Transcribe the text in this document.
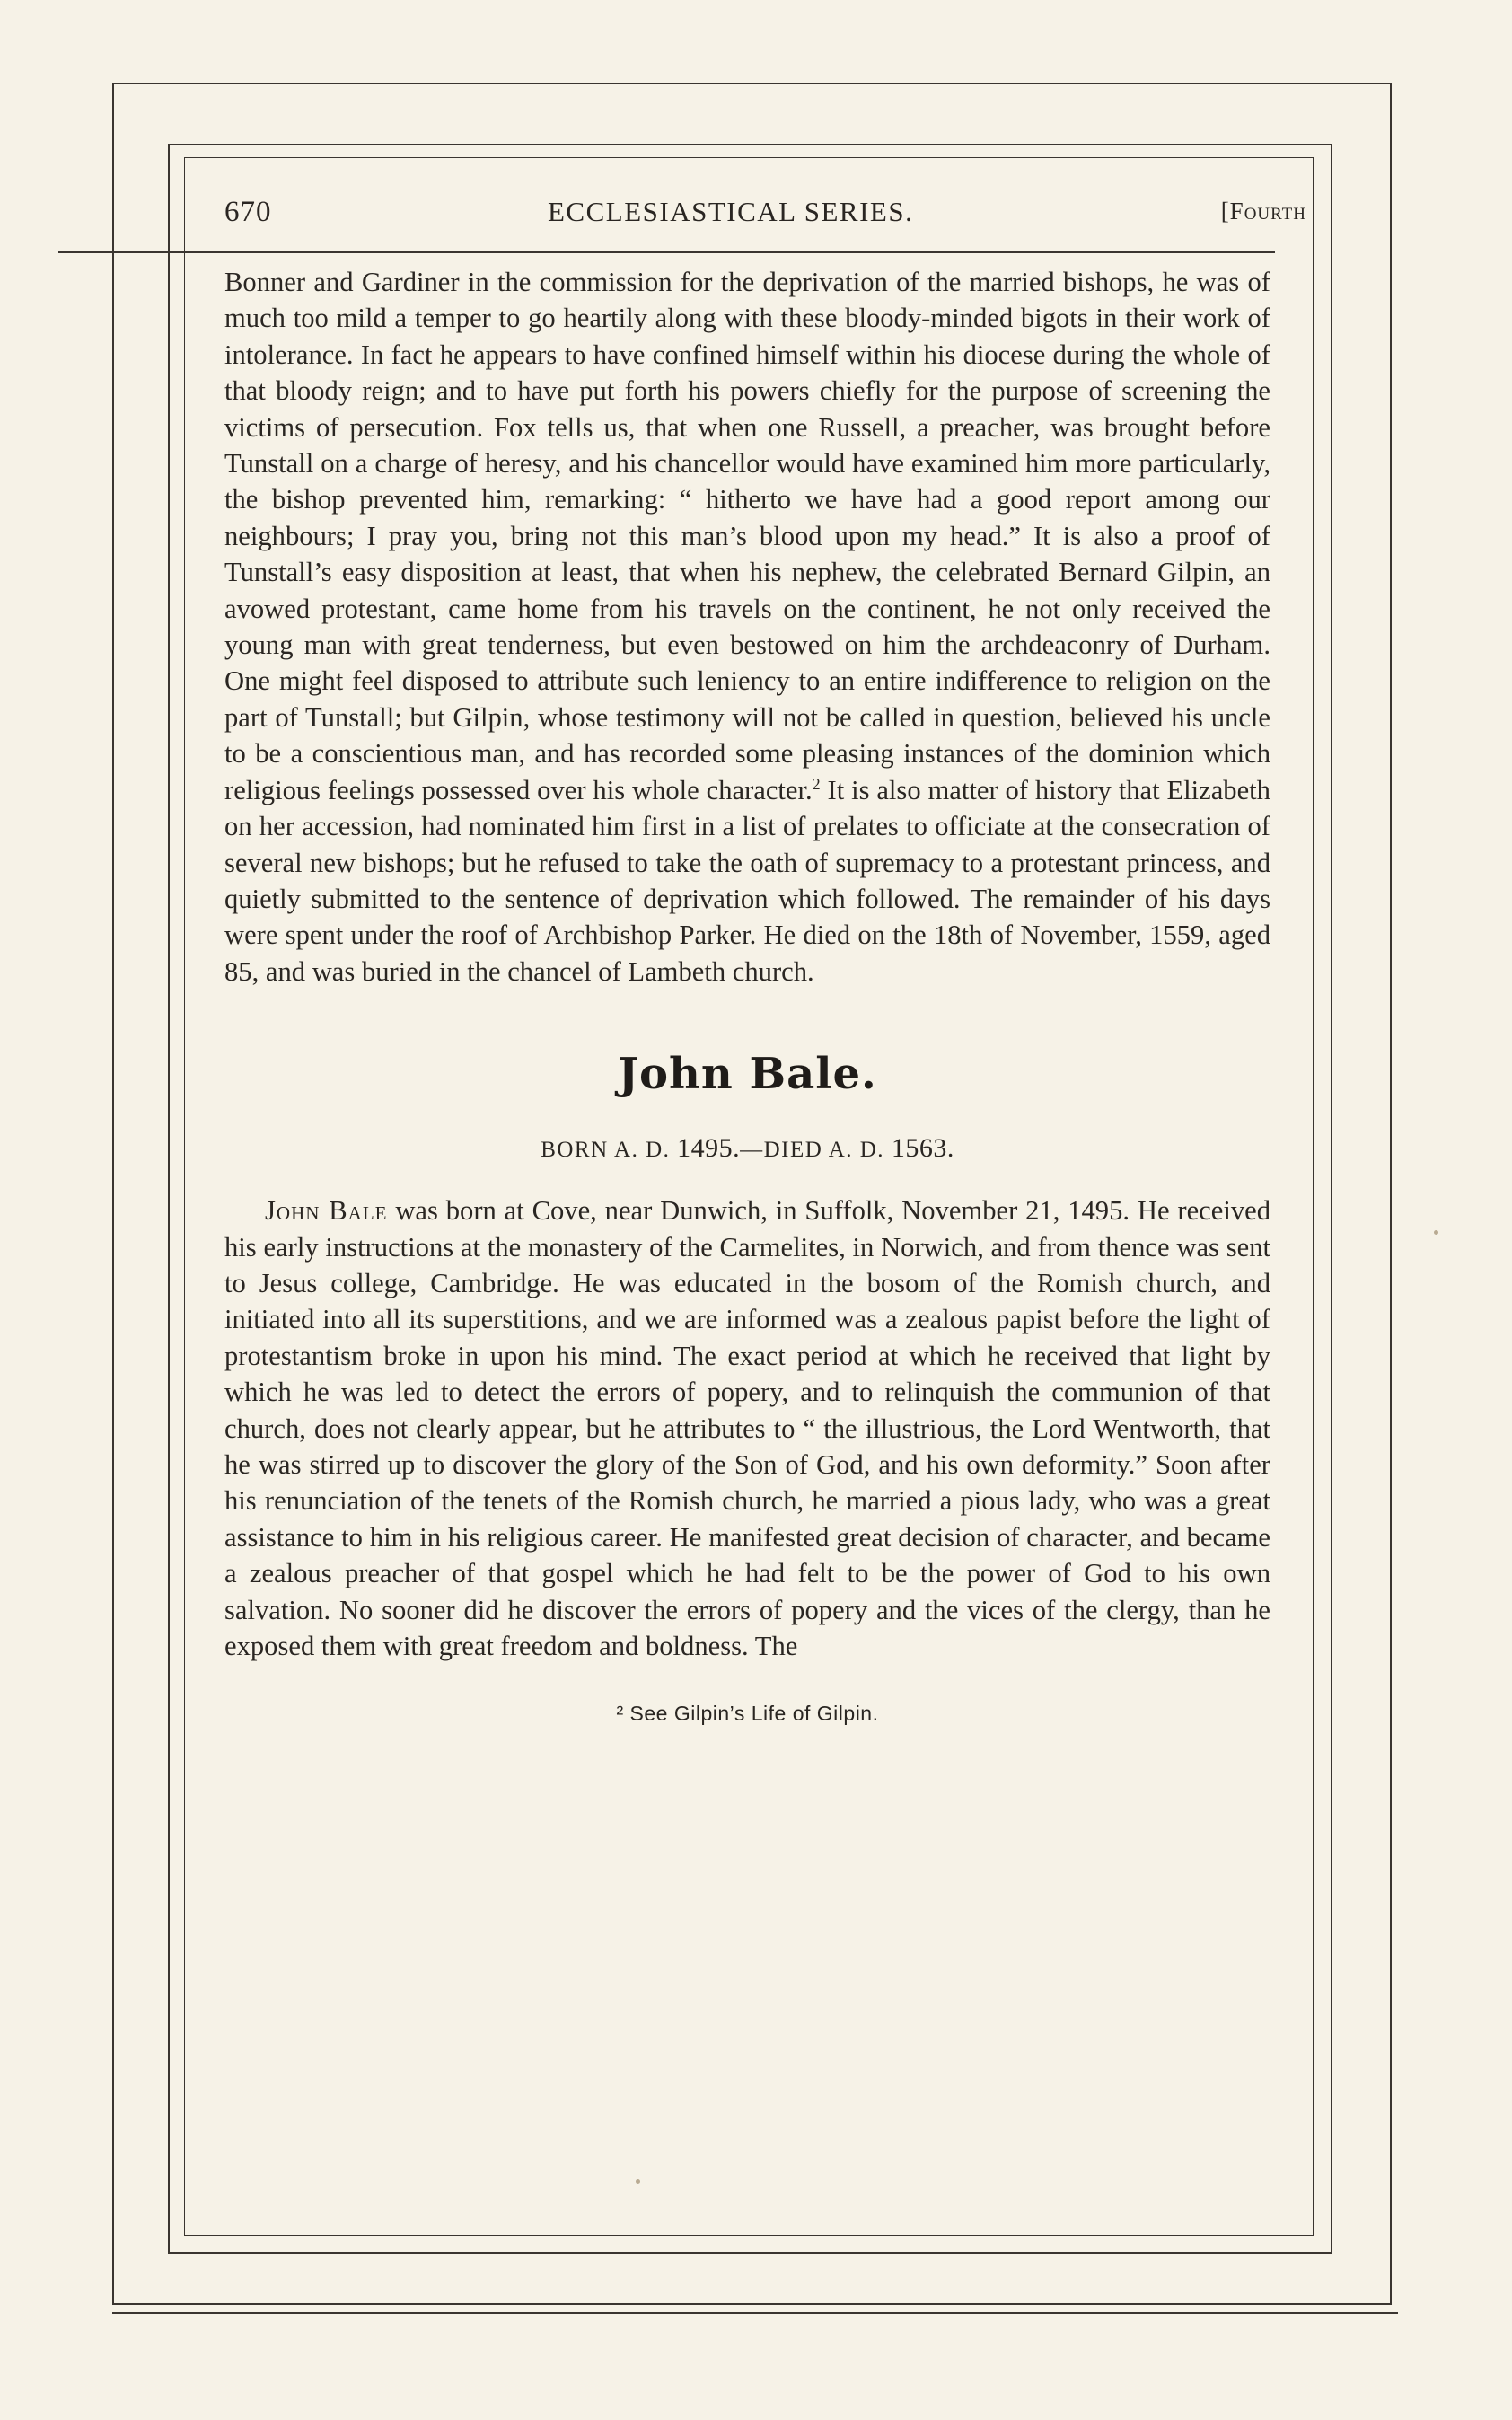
670	ECCLESIASTICAL SERIES.	[Fourth

Bonner and Gardiner in the commission for the deprivation of the married bishops, he was of much too mild a temper to go heartily along with these bloody-minded bigots in their work of intolerance. In fact he appears to have confined himself within his diocese during the whole of that bloody reign; and to have put forth his powers chiefly for the purpose of screening the victims of persecution. Fox tells us, that when one Russell, a preacher, was brought before Tunstall on a charge of heresy, and his chancellor would have examined him more particularly, the bishop prevented him, remarking: “ hitherto we have had a good report among our neighbours; I pray you, bring not this man’s blood upon my head.” It is also a proof of Tunstall’s easy disposition at least, that when his nephew, the celebrated Bernard Gilpin, an avowed protestant, came home from his travels on the continent, he not only received the young man with great tenderness, but even bestowed on him the archdeaconry of Durham. One might feel disposed to attribute such leniency to an entire indifference to religion on the part of Tunstall; but Gilpin, whose testimony will not be called in question, believed his uncle to be a conscientious man, and has recorded some pleasing instances of the dominion which religious feelings possessed over his whole character.$^2$ It is also matter of history that Elizabeth on her accession, had nominated him first in a list of prelates to officiate at the consecration of several new bishops; but he refused to take the oath of supremacy to a protestant princess, and quietly submitted to the sentence of deprivation which followed. The remainder of his days were spent under the roof of Archbishop Parker. He died on the 18th of November, 1559, aged 85, and was buried in the chancel of Lambeth church.

John Bale.

BORN A. D. 1495.—DIED A. D. 1563.

John Bale was born at Cove, near Dunwich, in Suffolk, November 21, 1495. He received his early instructions at the monastery of the Carmelites, in Norwich, and from thence was sent to Jesus college, Cambridge. He was educated in the bosom of the Romish church, and initiated into all its superstitions, and we are informed was a zealous papist before the light of protestantism broke in upon his mind. The exact period at which he received that light by which he was led to detect the errors of popery, and to relinquish the communion of that church, does not clearly appear, but he attributes to “ the illustrious, the Lord Wentworth, that he was stirred up to discover the glory of the Son of God, and his own deformity.” Soon after his renunciation of the tenets of the Romish church, he married a pious lady, who was a great assistance to him in his religious career. He manifested great decision of character, and became a zealous preacher of that gospel which he had felt to be the power of God to his own salvation. No sooner did he discover the errors of popery and the vices of the clergy, than he exposed them with great freedom and boldness. The

² See Gilpin’s Life of Gilpin.
